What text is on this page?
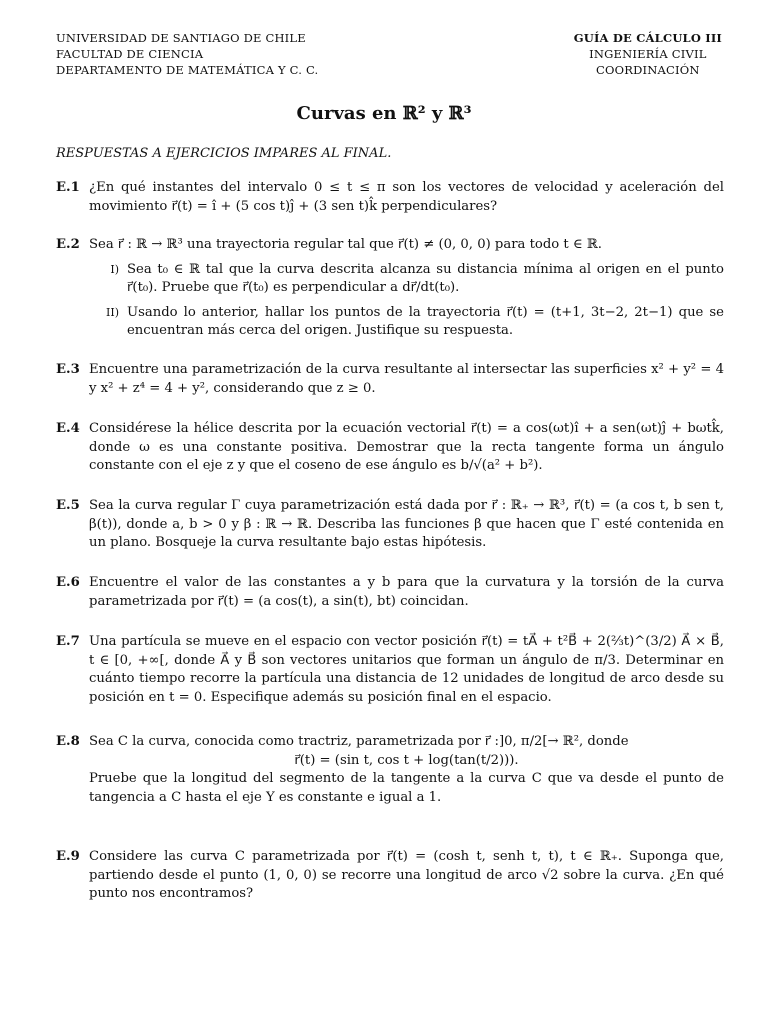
UNIVERSIDAD DE SANTIAGO DE CHILE
FACULTAD DE CIENCIA
DEPARTAMENTO DE MATEMÁTICA Y C. C.
GUÍA DE CÁLCULO III
INGENIERÍA CIVIL
COORDINACIÓN
Curvas en ℝ² y ℝ³
RESPUESTAS A EJERCICIOS IMPARES AL FINAL.
E.1 ¿En qué instantes del intervalo 0 ≤ t ≤ π son los vectores de velocidad y aceleración del movimiento r⃗(t) = î + (5 cos t)ĵ + (3 sen t)k̂ perpendiculares?

E.2 Sea r⃗ : ℝ → ℝ³ una trayectoria regular tal que r⃗(t) ≠ (0, 0, 0) para todo t ∈ ℝ.

I) Sea t₀ ∈ ℝ tal que la curva descrita alcanza su distancia mínima al origen en el punto r⃗(t₀). Pruebe que r⃗(t₀) es perpendicular a dr⃗/dt(t₀).
II) Usando lo anterior, hallar los puntos de la trayectoria r⃗(t) = (t+1, 3t−2, 2t−1) que se encuentran más cerca del origen. Justifique su respuesta.
E.3 Encuentre una parametrización de la curva resultante al intersectar las superficies x² + y² = 4 y x² + z⁴ = 4 + y², considerando que z ≥ 0.

E.4 Considérese la hélice descrita por la ecuación vectorial r⃗(t) = a cos(ωt)î + a sen(ωt)ĵ + bωtk̂, donde ω es una constante positiva. Demostrar que la recta tangente forma un ángulo constante con el eje z y que el coseno de ese ángulo es b/√(a² + b²).

E.5 Sea la curva regular Γ cuya parametrización está dada por r⃗ : ℝ₊ → ℝ³, r⃗(t) = (a cos t, b sen t, β(t)), donde a, b > 0 y β : ℝ → ℝ. Describa las funciones β que hacen que Γ esté contenida en un plano. Bosqueje la curva resultante bajo estas hipótesis.

E.6 Encuentre el valor de las constantes a y b para que la curvatura y la torsión de la curva parametrizada por r⃗(t) = (a cos(t), a sin(t), bt) coincidan.

E.7 Una partícula se mueve en el espacio con vector posición r⃗(t) = tA⃗ + t²B⃗ + 2(⅔t)^(3/2) A⃗ × B⃗, t ∈ [0, +∞[, donde A⃗ y B⃗ son vectores unitarios que forman un ángulo de π/3. Determinar en cuánto tiempo recorre la partícula una distancia de 12 unidades de longitud de arco desde su posición en t = 0. Especifique además su posición final en el espacio.

E.8 Sea C la curva, conocida como tractriz, parametrizada por r⃗ :]0, π/2[→ ℝ², donde

r⃗(t) = (sin t, cos t + log(tan(t/2))).

Pruebe que la longitud del segmento de la tangente a la curva C que va desde el punto de tangencia a C hasta el eje Y es constante e igual a 1.

E.9 Considere las curva C parametrizada por r⃗(t) = (cosh t, senh t, t), t ∈ ℝ₊. Suponga que, partiendo desde el punto (1, 0, 0) se recorre una longitud de arco √2 sobre la curva. ¿En qué punto nos encontramos?
